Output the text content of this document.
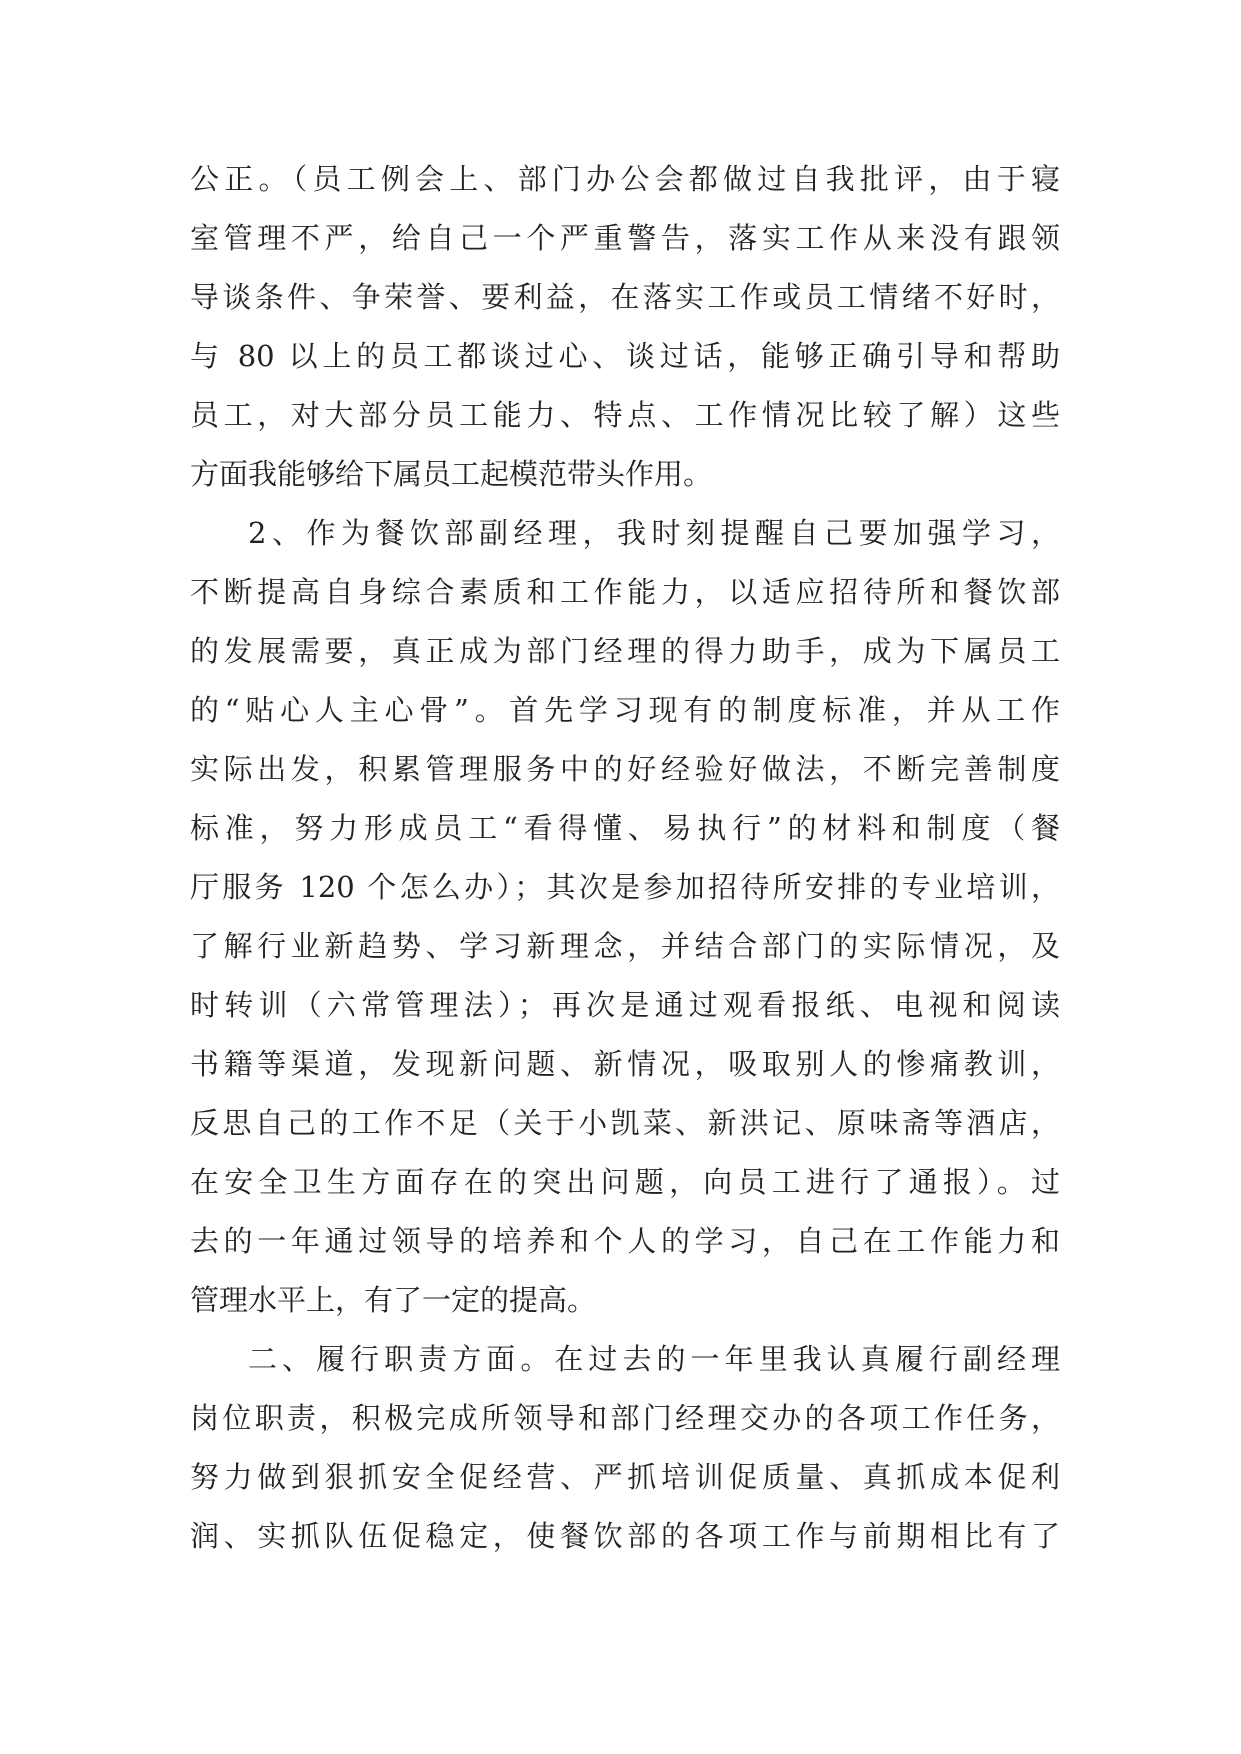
公正。（员工例会上、部门办公会都做过自我批评，由于寝
室管理不严，给自己一个严重警告，落实工作从来没有跟领
导谈条件、争荣誉、要利益，在落实工作或员工情绪不好时，
与 80 以上的员工都谈过心、谈过话，能够正确引导和帮助
员工，对大部分员工能力、特点、工作情况比较了解）这些
方面我能够给下属员工起模范带头作用。
2、作为餐饮部副经理，我时刻提醒自己要加强学习，
不断提高自身综合素质和工作能力，以适应招待所和餐饮部
的发展需要，真正成为部门经理的得力助手，成为下属员工
的“贴心人主心骨”。首先学习现有的制度标准，并从工作
实际出发，积累管理服务中的好经验好做法，不断完善制度
标准，努力形成员工“看得懂、易执行”的材料和制度（餐
厅服务 120 个怎么办）；其次是参加招待所安排的专业培训，
了解行业新趋势、学习新理念，并结合部门的实际情况，及
时转训（六常管理法）；再次是通过观看报纸、电视和阅读
书籍等渠道，发现新问题、新情况，吸取别人的惨痛教训，
反思自己的工作不足（关于小凯菜、新洪记、原味斋等酒店，
在安全卫生方面存在的突出问题，向员工进行了通报）。过
去的一年通过领导的培养和个人的学习，自己在工作能力和
管理水平上，有了一定的提高。
二、履行职责方面。在过去的一年里我认真履行副经理
岗位职责，积极完成所领导和部门经理交办的各项工作任务，
努力做到狠抓安全促经营、严抓培训促质量、真抓成本促利
润、实抓队伍促稳定，使餐饮部的各项工作与前期相比有了
